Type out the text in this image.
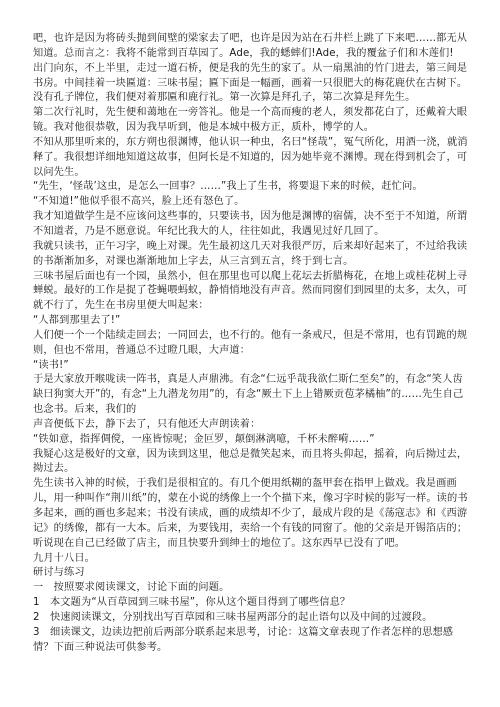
吧，也许是因为将砖头抛到间壁的梁家去了吧，也许是因为站在石井栏上跳了下来吧……都无从知道。总而言之：我将不能常到百草园了。Ade，我的蟋蟀们!Ade，我的覆盆子们和木莲们!

出门向东，不上半里，走过一道石桥，便是我的先生的家了。从一扇黑油的竹门进去，第三间是书房。中间挂着一块匾道：三味书屋；匾下面是一幅画，画着一只很肥大的梅花鹿伏在古树下。没有孔子牌位，我们便对着那匾和鹿行礼。第一次算是拜孔子，第二次算是拜先生。

第二次行礼时，先生便和蔼地在一旁答礼。他是一个高而瘦的老人，须发都花白了，还戴着大眼镜。我对他很恭敬，因为我早听到，他是本城中极方正，质朴，博学的人。

不知从那里听来的，东方朔也很渊博，他认识一种虫，名曰“怪哉”，冤气所化，用酒一浇，就消释了。我很想详细地知道这故事，但阿长是不知道的，因为她毕竟不渊博。现在得到机会了，可以问先生。

“先生，‘怪哉’这虫，是怎么一回事？……”我上了生书，将要退下来的时候，赶忙问。

“不知道!”他似乎很不高兴，脸上还有怒色了。

我才知道做学生是不应该问这些事的，只要读书，因为他是渊博的宿儒，决不至于不知道，所谓不知道者，乃是不愿意说。年纪比我大的人，往往如此，我遇见过好几回了。

我就只读书，正午习字，晚上对课。先生最初这几天对我很严厉，后来却好起来了，不过给我读的书渐渐加多，对课也渐渐地加上字去，从三言到五言，终于到七言。

三味书屋后面也有一个园，虽然小，但在那里也可以爬上花坛去折腊梅花，在地上或桂花树上寻蝉蜕。最好的工作是捉了苍蝇喂蚂蚁，静悄悄地没有声音。然而同窗们到园里的太多，太久，可就不行了，先生在书房里便大叫起来：

“人都到那里去了!”

人们便一个一个陆续走回去；一同回去，也不行的。他有一条戒尺，但是不常用，也有罚跪的规则，但也不常用，普通总不过瞪几眼，大声道：

“读书!”

于是大家放开喉咙读一阵书，真是人声鼎沸。有念“仁远乎哉我欲仁斯仁至矣”的，有念“笑人齿缺曰狗窦大开”的，有念“上九潜龙勿用”的，有念“厥土下上上错厥贡苞茅橘柚”的……先生自己也念书。后来，我们的

声音便低下去，静下去了，只有他还大声朗读着：

“铁如意，指挥倜傥，一座皆惊呢；金叵罗，颠倒淋漓噫，千杯未醉嗬……”

我疑心这是极好的文章，因为读到这里，他总是微笑起来，而且将头仰起，摇着，向后拗过去，拗过去。

先生读书入神的时候，于我们是很相宜的。有几个便用纸糊的盔甲套在指甲上做戏。我是画画儿，用一种叫作“荆川纸”的，蒙在小说的绣像上一个个描下来，像习字时候的影写一样。读的书多起来，画的画也多起来；书没有读成，画的成绩却不少了，最成片段的是《荡寇志》和《西游记》的绣像，都有一大本。后来，为要钱用，卖给一个有钱的同窗了。他的父亲是开锡箔店的；听说现在自己已经做了店主，而且快要升到绅士的地位了。这东西早已没有了吧。

九月十八日。

研讨与练习

一　按照要求阅读课文，讨论下面的问题。

1　本文题为“从百草园到三味书屋”，你从这个题目得到了哪些信息？

2　快速阅读课文，分别找出写百草园和三味书屋两部分的起止语句以及中间的过渡段。

3　细读课文，边读边把前后两部分联系起来思考，讨论：这篇文章表现了作者怎样的思想感情？下面三种说法可供参考。
